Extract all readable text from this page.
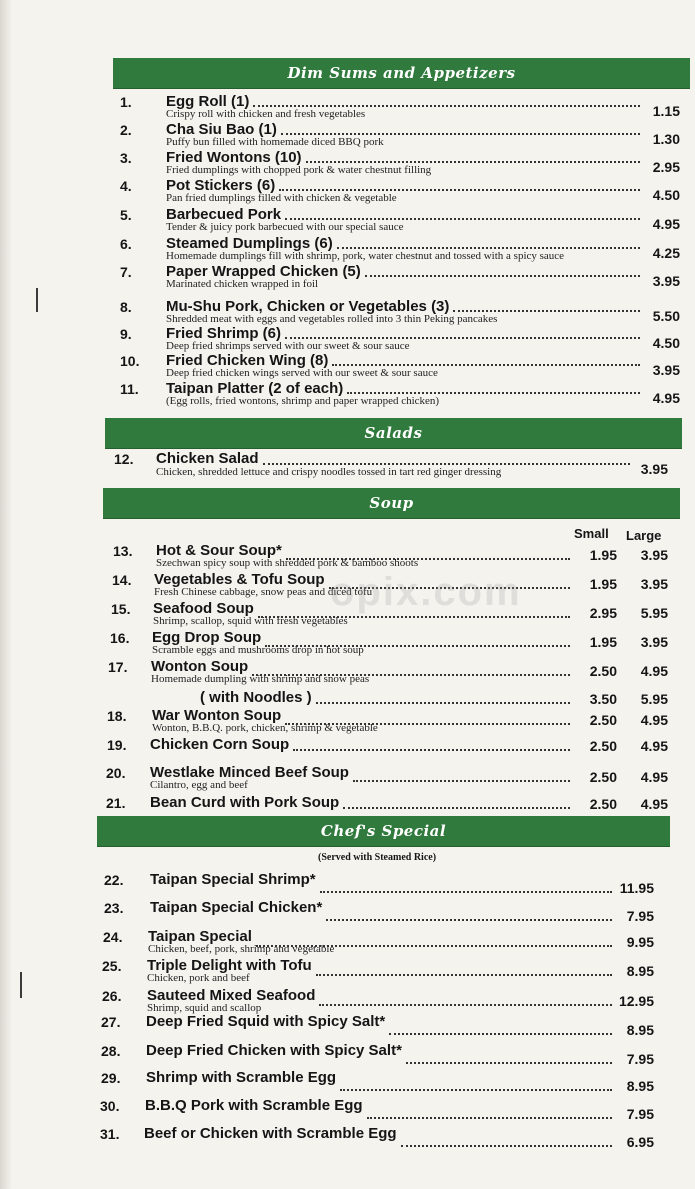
Dim Sums and Appetizers
Salads
Soup
Chef's Special
(Served with Steamed Rice)
Small Large
1. Egg Roll (1)
Crispy roll with chicken and fresh vegetables	1.15
2. Cha Siu Bao (1)
Puffy bun filled with homemade diced BBQ pork	1.30
3. Fried Wontons (10)
Fried dumplings with chopped pork & water chestnut filling	2.95
4. Pot Stickers (6)
Pan fried dumplings filled with chicken & vegetable	4.50
5. Barbecued Pork
Tender & juicy pork barbecued with our special sauce	4.95
6. Steamed Dumplings (6)
Homemade dumplings fill with shrimp, pork, water chestnut and tossed with a spicy sauce	4.25
7. Paper Wrapped Chicken (5)
Marinated chicken wrapped in foil	3.95
8. Mu-Shu Pork, Chicken or Vegetables (3)
Shredded meat with eggs and vegetables rolled into 3 thin Peking pancakes	5.50
9. Fried Shrimp (6)
Deep fried shrimps served with our sweet & sour sauce	4.50
10. Fried Chicken Wing (8)
Deep fried chicken wings served with our sweet & sour sauce	3.95
11. Taipan Platter (2 of each)
(Egg rolls, fried wontons, shrimp and paper wrapped chicken)	4.95
12. Chicken Salad
Chicken, shredded lettuce and crispy noodles tossed in tart red ginger dressing	3.95
13. Hot & Sour Soup*
Szechwan spicy soup with shredded pork & bamboo shoots	1.95	3.95
14. Vegetables & Tofu Soup
Fresh Chinese cabbage, snow peas and diced tofu	1.95	3.95
15. Seafood Soup
Shrimp, scallop, squid with fresh vegetables	2.95	5.95
16. Egg Drop Soup
Scramble eggs and mushrooms drop in hot soup	1.95	3.95
17. Wonton Soup
Homemade dumpling with shrimp and snow peas	2.50	4.95
( with Noodles )	3.50	5.95
18. War Wonton Soup
Wonton, B.B.Q. pork, chicken, shrimp & vegetable	2.50	4.95
19. Chicken Corn Soup	2.50	4.95
20. Westlake Minced Beef Soup
Cilantro, egg and beef	2.50	4.95
21. Bean Curd with Pork Soup	2.50	4.95
22. Taipan Special Shrimp*	11.95
23. Taipan Special Chicken*	7.95
24. Taipan Special
Chicken, beef, pork, shrimp and vegetable	9.95
25. Triple Delight with Tofu
Chicken, pork and beef	8.95
26. Sauteed Mixed Seafood
Shrimp, squid and scallop	12.95
27. Deep Fried Squid with Spicy Salt*	8.95
28. Deep Fried Chicken with Spicy Salt*	7.95
29. Shrimp with Scramble Egg	8.95
30. B.B.Q Pork with Scramble Egg	7.95
31. Beef or Chicken with Scramble Egg	6.95
opix.com
